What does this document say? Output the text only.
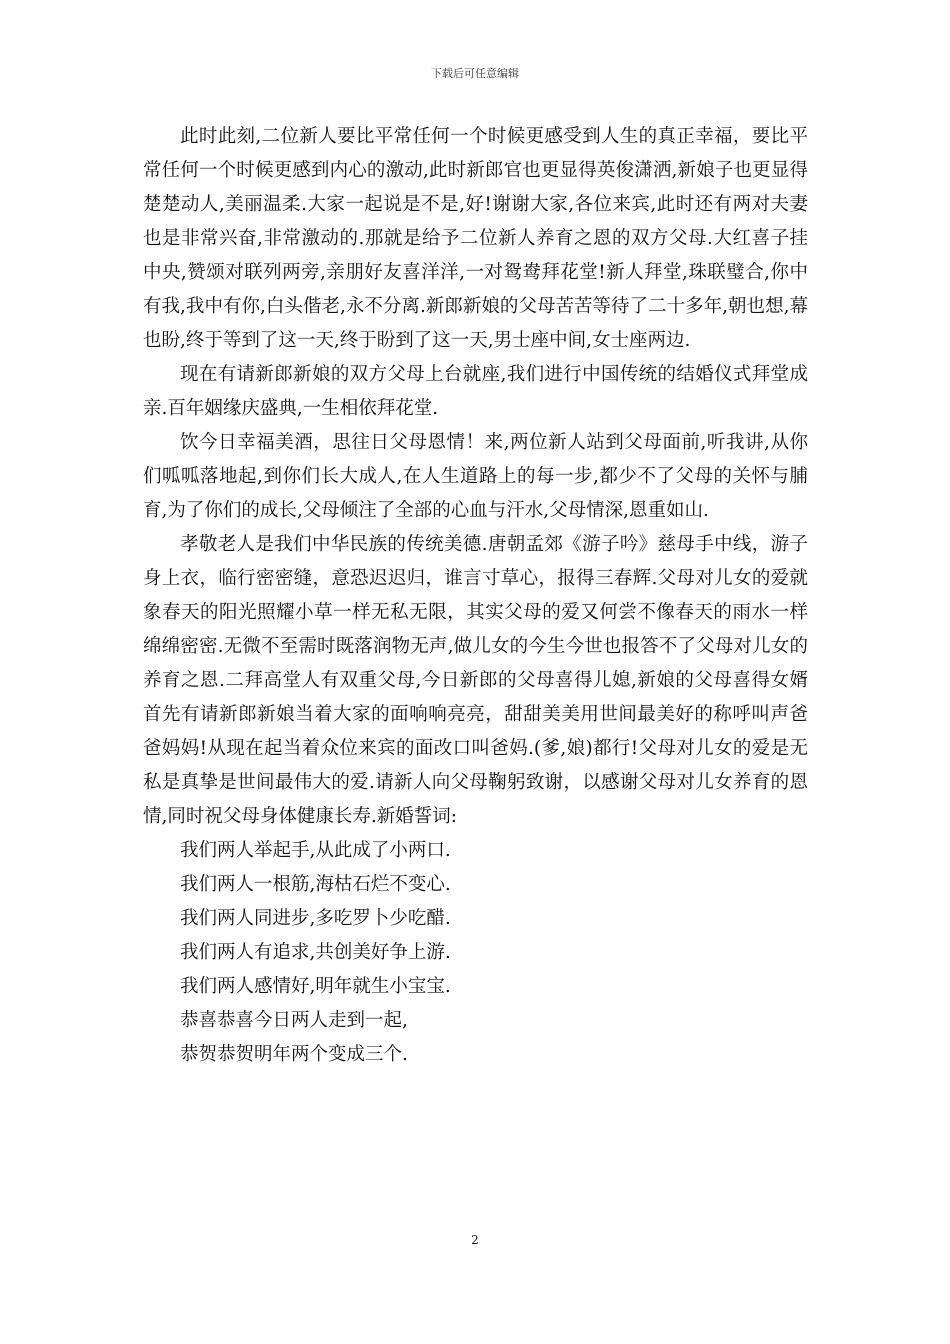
下载后可任意编辑

此时此刻,二位新人要比平常任何一个时候更感受到人生的真正幸福，要比平常任何一个时候更感到内心的激动,此时新郎官也更显得英俊潇洒,新娘子也更显得楚楚动人,美丽温柔.大家一起说是不是,好!谢谢大家,各位来宾,此时还有两对夫妻也是非常兴奋,非常激动的.那就是给予二位新人养育之恩的双方父母.大红喜子挂中央,赞颂对联列两旁,亲朋好友喜洋洋,一对鸳鸯拜花堂!新人拜堂,珠联璧合,你中有我,我中有你,白头偕老,永不分离.新郎新娘的父母苦苦等待了二十多年,朝也想,幕也盼,终于等到了这一天,终于盼到了这一天,男士座中间,女士座两边.

现在有请新郎新娘的双方父母上台就座,我们进行中国传统的结婚仪式拜堂成亲.百年姻缘庆盛典,一生相依拜花堂.

饮今日幸福美酒，思往日父母恩情！来,两位新人站到父母面前,听我讲,从你们呱呱落地起,到你们长大成人,在人生道路上的每一步,都少不了父母的关怀与脯育,为了你们的成长,父母倾注了全部的心血与汗水,父母情深,恩重如山.

孝敬老人是我们中华民族的传统美德.唐朝孟郊《游子吟》慈母手中线，游子身上衣，临行密密缝，意恐迟迟归，谁言寸草心，报得三春辉.父母对儿女的爱就象春天的阳光照耀小草一样无私无限，其实父母的爱又何尝不像春天的雨水一样绵绵密密.无微不至需时既落润物无声,做儿女的今生今世也报答不了父母对儿女的养育之恩.二拜高堂人有双重父母,今日新郎的父母喜得儿媳,新娘的父母喜得女婿首先有请新郎新娘当着大家的面响响亮亮，甜甜美美用世间最美好的称呼叫声爸爸妈妈!从现在起当着众位来宾的面改口叫爸妈.(爹,娘)都行!父母对儿女的爱是无私是真挚是世间最伟大的爱.请新人向父母鞠躬致谢，以感谢父母对儿女养育的恩情,同时祝父母身体健康长寿.新婚誓词:

我们两人举起手,从此成了小两口.

我们两人一根筋,海枯石烂不变心.

我们两人同进步,多吃罗卜少吃醋.

我们两人有追求,共创美好争上游.

我们两人感情好,明年就生小宝宝.

恭喜恭喜今日两人走到一起,

恭贺恭贺明年两个变成三个.

2
